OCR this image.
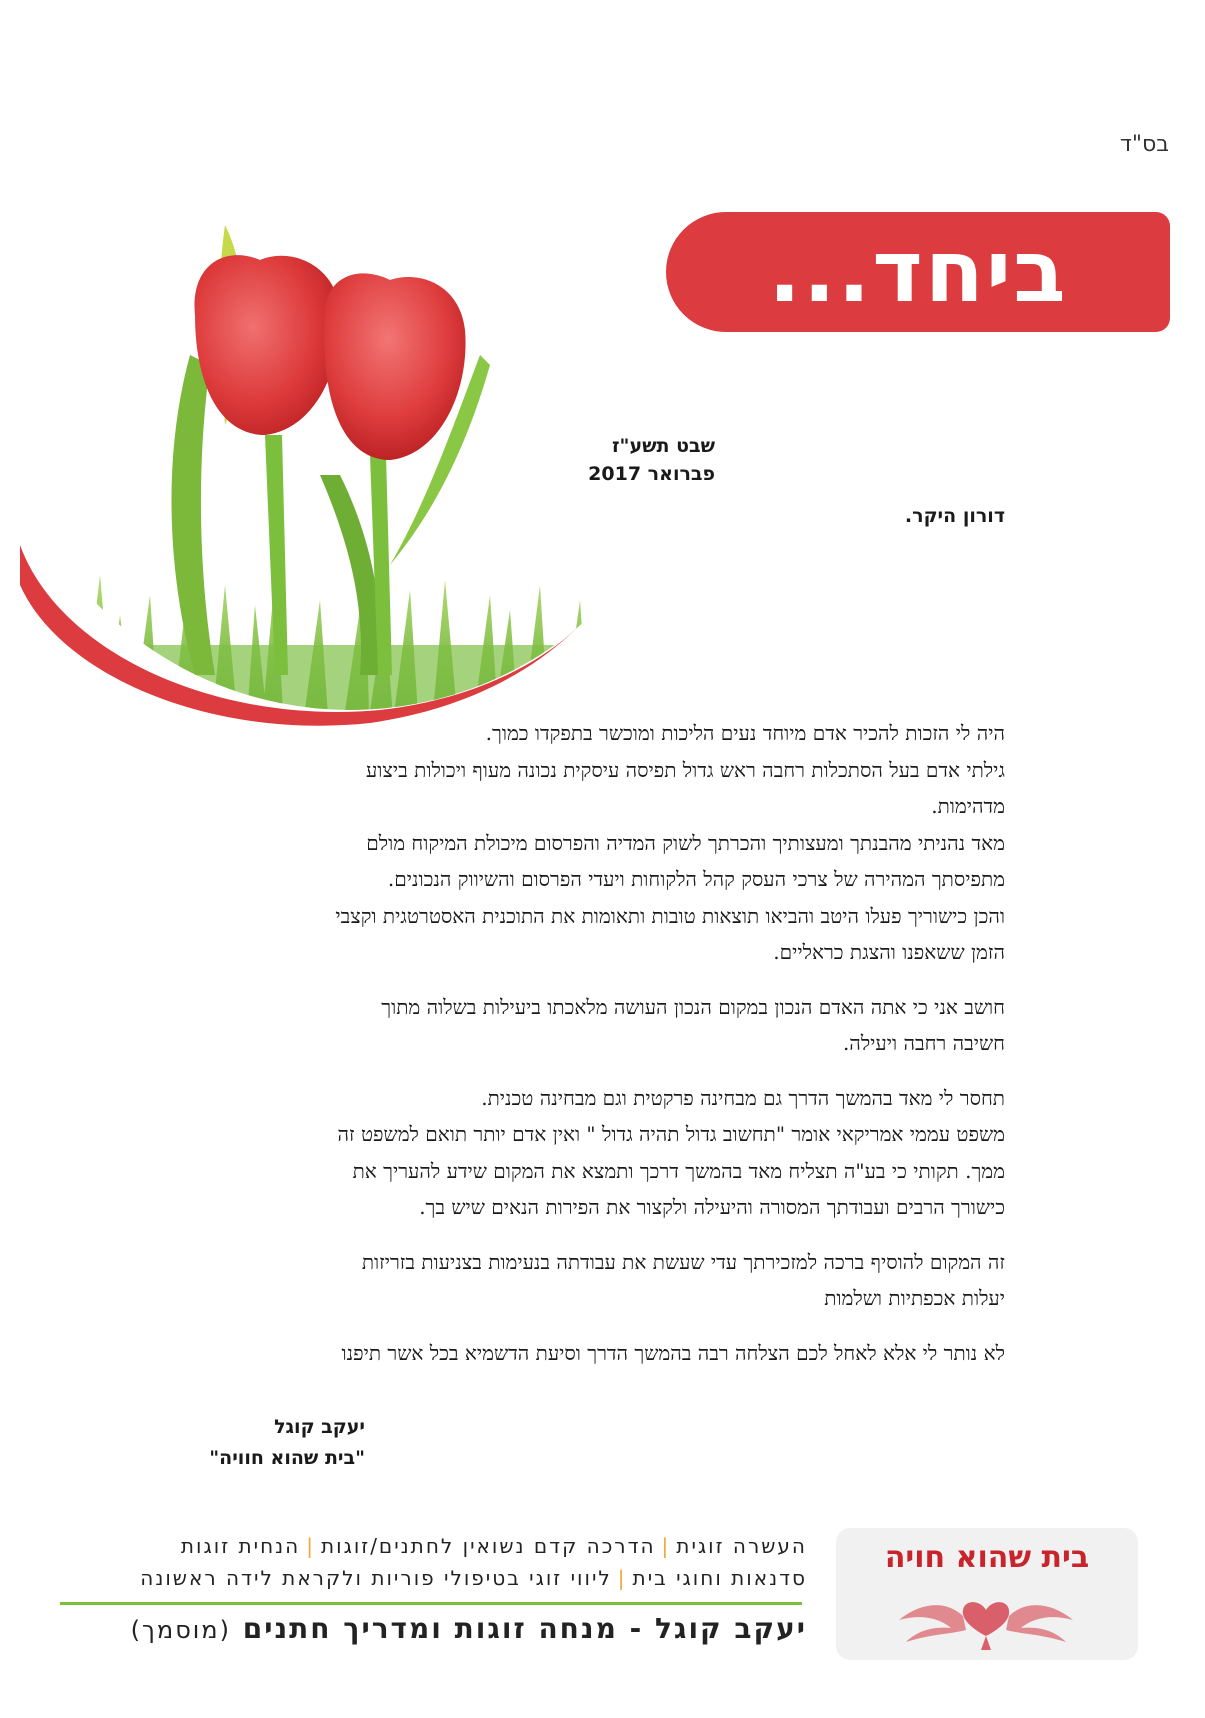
בס"ד
ביחד...
שבט תשע"ז
פברואר 2017
דורון היקר.

היה לי הזכות להכיר אדם מיוחד נעים הליכות ומוכשר בתפקדו כמוך.
גילתי אדם בעל הסתכלות רחבה ראש גדול תפיסה עיסקית נכונה מעוף ויכולות ביצוע
מדהימות.
מאד נהניתי מהבנתך ומעצותיך והכרתך לשוק המדיה והפרסום מיכולת המיקוח מולם
מתפיסתך המהירה של צרכי העסק קהל הלקוחות ויעדי הפרסום והשיווק הנכונים.
והכן כישוריך פעלו היטב והביאו תוצאות טובות ותאומות את התוכנית האסטרטגית וקצבי
הזמן ששאפנו והצגת כראליים.

חושב אני כי אתה האדם הנכון במקום הנכון העושה מלאכתו ביעילות בשלוה מתוך
חשיבה רחבה ויעילה.

תחסר לי מאד בהמשך הדרך גם מבחינה פרקטית וגם מבחינה טכנית.
משפט עממי אמריקאי אומר "תחשוב גדול תהיה גדול " ואין אדם יותר תואם למשפט זה
ממך. תקותי כי בע"ה תצליח מאד בהמשך דרכך ותמצא את המקום שידע להעריך את
כישורך הרבים ועבודתך המסורה והיעילה ולקצור את הפירות הנאים שיש בך.

זה המקום להוסיף ברכה למזכירתך עדי שעשת את עבודתה בנעימות בצניעות בזריזות
יעלות אכפתיות ושלמות

לא נותר לי אלא לאחל לכם הצלחה רבה בהמשך הדרך וסיעת הדשמיא בכל אשר תיפנו

יעקב קוגל
"בית שהוא חוויה"
העשרה זוגית|הדרכה קדם נשואין לחתנים/זוגות|הנחית זוגות
סדנאות וחוגי בית|ליווי זוגי בטיפולי פוריות ולקראת לידה ראשונה
יעקב קוגל - מנחה זוגות ומדריך חתנים (מוסמך)
בית שהוא חויה
